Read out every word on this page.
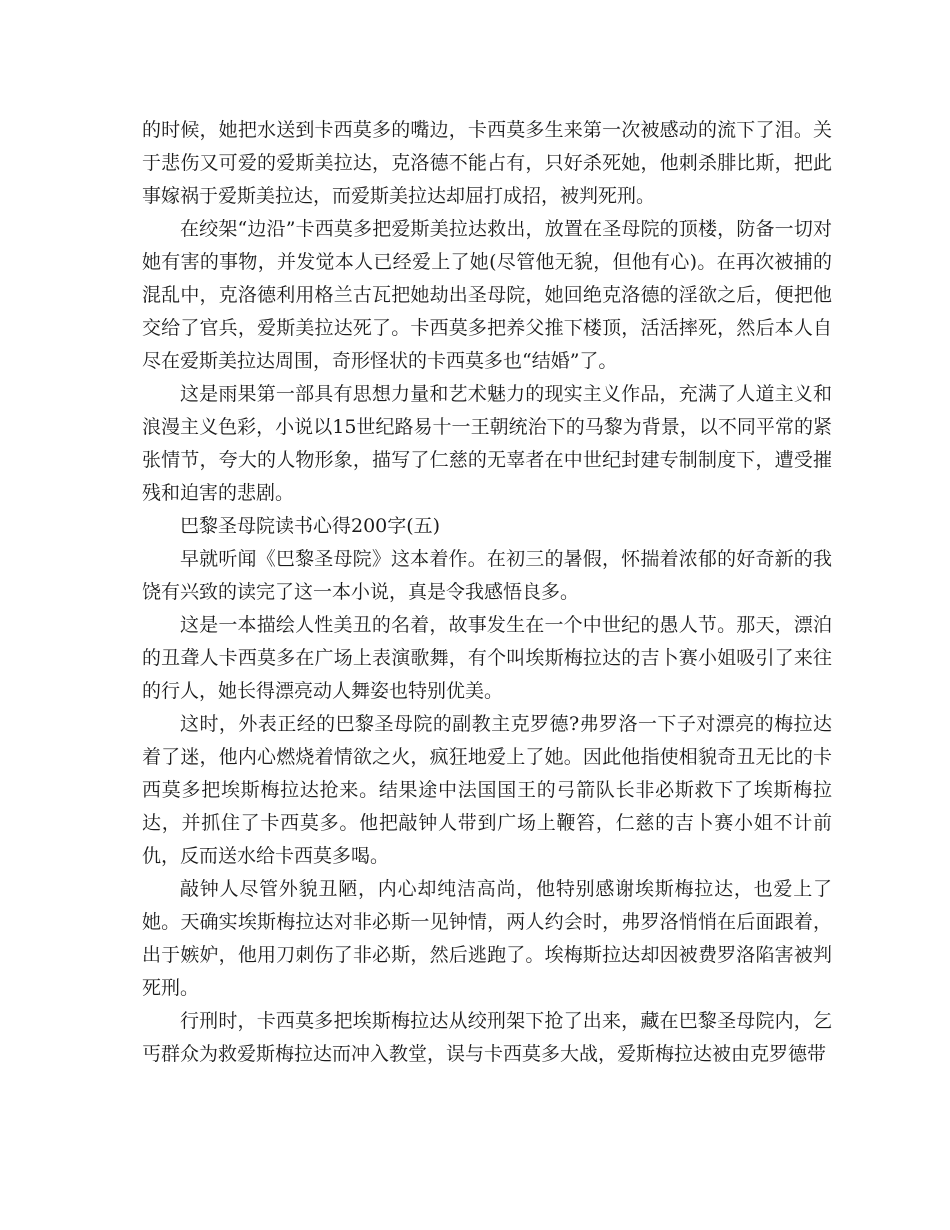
的时候，她把水送到卡西莫多的嘴边，卡西莫多生来第一次被感动的流下了泪。关于悲伤又可爱的爱斯美拉达，克洛德不能占有，只好杀死她，他刺杀腓比斯，把此事嫁祸于爱斯美拉达，而爱斯美拉达却屈打成招，被判死刑。

在绞架“边沿”卡西莫多把爱斯美拉达救出，放置在圣母院的顶楼，防备一切对她有害的事物，并发觉本人已经爱上了她(尽管他无貌，但他有心)。在再次被捕的混乱中，克洛德利用格兰古瓦把她劫出圣母院，她回绝克洛德的淫欲之后，便把他交给了官兵，爱斯美拉达死了。卡西莫多把养父推下楼顶，活活摔死，然后本人自尽在爱斯美拉达周围，奇形怪状的卡西莫多也“结婚”了。

这是雨果第一部具有思想力量和艺术魅力的现实主义作品，充满了人道主义和浪漫主义色彩，小说以15世纪路易十一王朝统治下的马黎为背景，以不同平常的紧张情节，夸大的人物形象，描写了仁慈的无辜者在中世纪封建专制制度下，遭受摧残和迫害的悲剧。

巴黎圣母院读书心得200字(五)

早就听闻《巴黎圣母院》这本着作。在初三的暑假，怀揣着浓郁的好奇新的我饶有兴致的读完了这一本小说，真是令我感悟良多。

这是一本描绘人性美丑的名着，故事发生在一个中世纪的愚人节。那天，漂泊的丑聋人卡西莫多在广场上表演歌舞，有个叫埃斯梅拉达的吉卜赛小姐吸引了来往的行人，她长得漂亮动人舞姿也特别优美。

这时，外表正经的巴黎圣母院的副教主克罗德?弗罗洛一下子对漂亮的梅拉达着了迷，他内心燃烧着情欲之火，疯狂地爱上了她。因此他指使相貌奇丑无比的卡西莫多把埃斯梅拉达抢来。结果途中法国国王的弓箭队长非必斯救下了埃斯梅拉达，并抓住了卡西莫多。他把敲钟人带到广场上鞭笞，仁慈的吉卜赛小姐不计前仇，反而送水给卡西莫多喝。

敲钟人尽管外貌丑陋，内心却纯洁高尚，他特别感谢埃斯梅拉达，也爱上了她。天确实埃斯梅拉达对非必斯一见钟情，两人约会时，弗罗洛悄悄在后面跟着，出于嫉妒，他用刀刺伤了非必斯，然后逃跑了。埃梅斯拉达却因被费罗洛陷害被判死刑。

行刑时，卡西莫多把埃斯梅拉达从绞刑架下抢了出来，藏在巴黎圣母院内，乞丐群众为救爱斯梅拉达而冲入教堂，误与卡西莫多大战，爱斯梅拉达被由克罗德带
